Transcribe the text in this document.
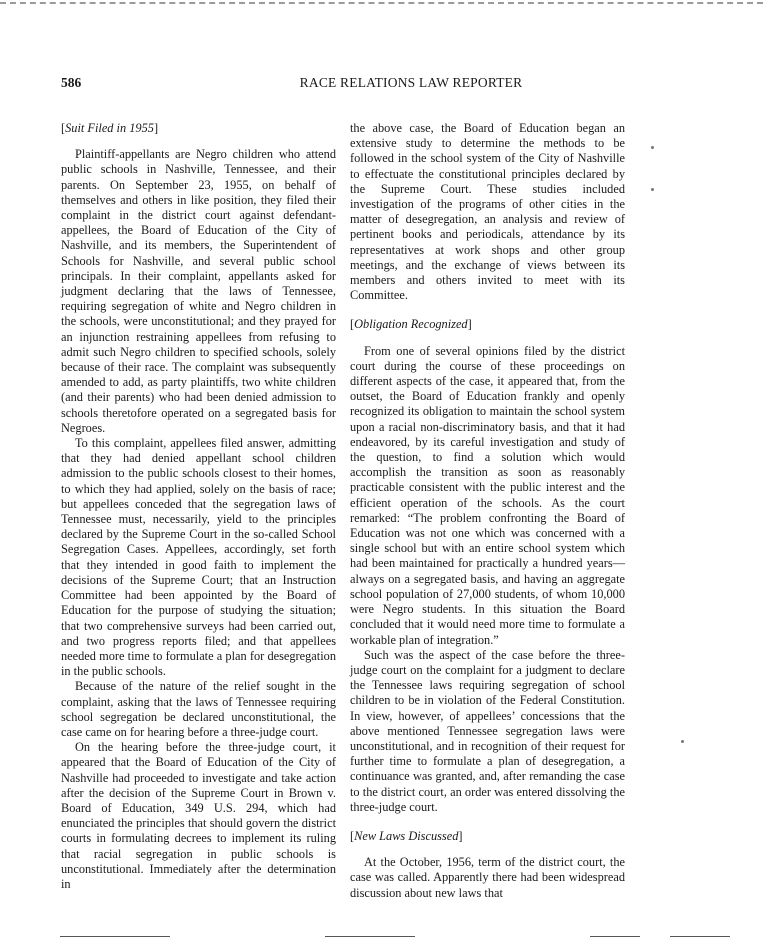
586	RACE RELATIONS LAW REPORTER

[Suit Filed in 1955]

Plaintiff-appellants are Negro children who attend public schools in Nashville, Tennessee, and their parents. On September 23, 1955, on behalf of themselves and others in like position, they filed their complaint in the district court against defendant-appellees, the Board of Education of the City of Nashville, and its members, the Superintendent of Schools for Nashville, and several public school principals. In their complaint, appellants asked for judgment declaring that the laws of Tennessee, requiring segregation of white and Negro children in the schools, were unconstitutional; and they prayed for an injunction restraining appellees from refusing to admit such Negro children to specified schools, solely because of their race. The complaint was subsequently amended to add, as party plaintiffs, two white children (and their parents) who had been denied admission to schools theretofore operated on a segregated basis for Negroes.

To this complaint, appellees filed answer, admitting that they had denied appellant school children admission to the public schools closest to their homes, to which they had applied, solely on the basis of race; but appellees conceded that the segregation laws of Tennessee must, necessarily, yield to the principles declared by the Supreme Court in the so-called School Segregation Cases. Appellees, accordingly, set forth that they intended in good faith to implement the decisions of the Supreme Court; that an Instruction Committee had been appointed by the Board of Education for the purpose of studying the situation; that two comprehensive surveys had been carried out, and two progress reports filed; and that appellees needed more time to formulate a plan for desegregation in the public schools.

Because of the nature of the relief sought in the complaint, asking that the laws of Tennessee requiring school segregation be declared unconstitutional, the case came on for hearing before a three-judge court.

On the hearing before the three-judge court, it appeared that the Board of Education of the City of Nashville had proceeded to investigate and take action after the decision of the Supreme Court in Brown v. Board of Education, 349 U.S. 294, which had enunciated the principles that should govern the district courts in formulating decrees to implement its ruling that racial segregation in public schools is unconstitutional. Immediately after the determination in

the above case, the Board of Education began an extensive study to determine the methods to be followed in the school system of the City of Nashville to effectuate the constitutional principles declared by the Supreme Court. These studies included investigation of the programs of other cities in the matter of desegregation, an analysis and review of pertinent books and periodicals, attendance by its representatives at work shops and other group meetings, and the exchange of views between its members and others invited to meet with its Committee.

[Obligation Recognized]

From one of several opinions filed by the district court during the course of these proceedings on different aspects of the case, it appeared that, from the outset, the Board of Education frankly and openly recognized its obligation to maintain the school system upon a racial non-discriminatory basis, and that it had endeavored, by its careful investigation and study of the question, to find a solution which would accomplish the transition as soon as reasonably practicable consistent with the public interest and the efficient operation of the schools. As the court remarked: “The problem confronting the Board of Education was not one which was concerned with a single school but with an entire school system which had been maintained for practically a hundred years—always on a segregated basis, and having an aggregate school population of 27,000 students, of whom 10,000 were Negro students. In this situation the Board concluded that it would need more time to formulate a workable plan of integration.”

Such was the aspect of the case before the three-judge court on the complaint for a judgment to declare the Tennessee laws requiring segregation of school children to be in violation of the Federal Constitution. In view, however, of appellees’ concessions that the above mentioned Tennessee segregation laws were unconstitutional, and in recognition of their request for further time to formulate a plan of desegregation, a continuance was granted, and, after remanding the case to the district court, an order was entered dissolving the three-judge court.

[New Laws Discussed]

At the October, 1956, term of the district court, the case was called. Apparently there had been widespread discussion about new laws that
